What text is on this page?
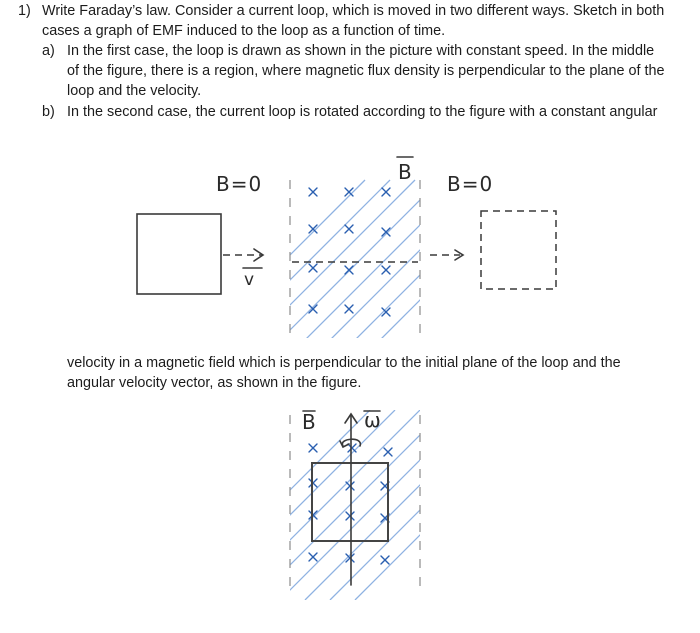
1) Write Faraday’s law. Consider a current loop, which is moved in two different ways. Sketch in both
cases a graph of EMF induced to the loop as a function of time.
a) In the first case, the loop is drawn as shown in the picture with constant speed. In the middle
of the figure, there is a region, where magnetic flux density is perpendicular to the plane of the
loop and the velocity.
b) In the second case, the current loop is rotated according to the figure with a constant angular
velocity in a magnetic field which is perpendicular to the initial plane of the loop and the
angular velocity vector, as shown in the figure.
B=0	B=0
B
v
B ω
